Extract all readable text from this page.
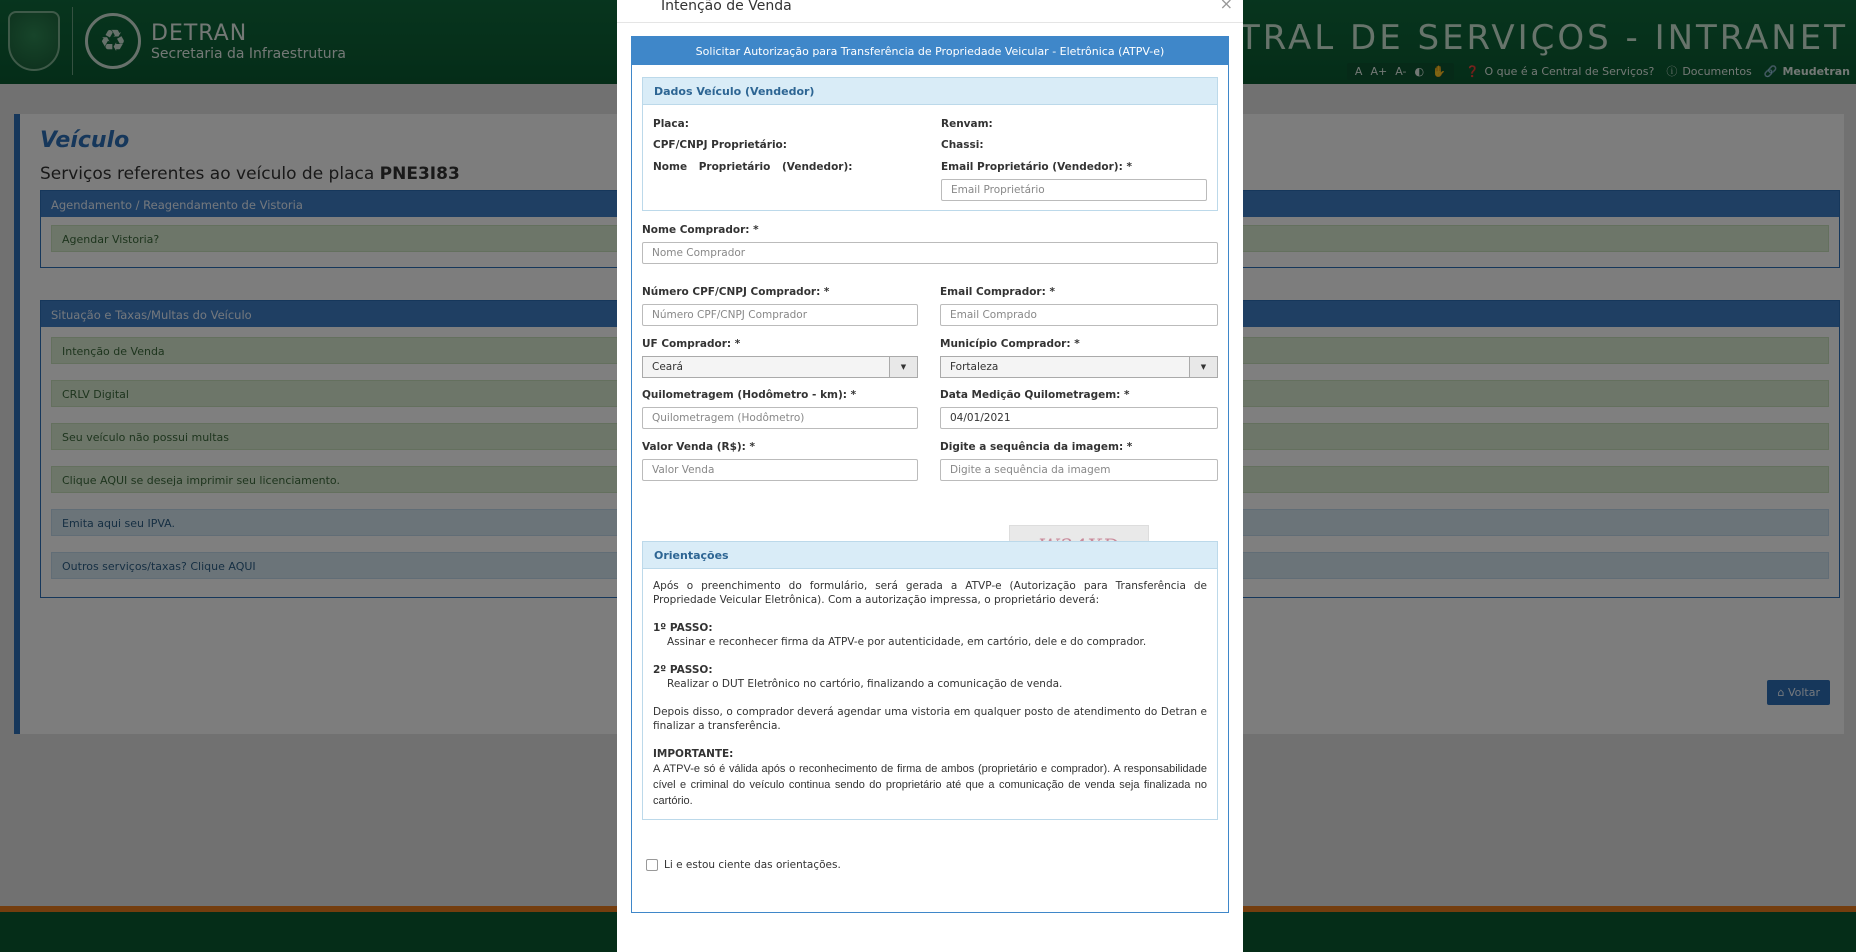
Intenção de Venda	×
Solicitar Autorização para Transferência de Propriedade Veicular - Eletrônica (ATPV-e)
Dados Veículo (Vendedor)
Placa:	Renvam:
CPF/CNPJ Proprietário:	Chassi:
Nome Proprietário (Vendedor):	Email Proprietário (Vendedor): *
Email Proprietário
Nome Comprador: *
Nome Comprador
Número CPF/CNPJ Comprador: *
Número CPF/CNPJ Comprador
Email Comprador: *
Email Comprado
UF Comprador: *
Ceará	▼
Município Comprador: *
Fortaleza	▼
Quilometragem (Hodômetro - km): *
Quilometragem (Hodômetro)
Data Medição Quilometragem: *
04/01/2021
Valor Venda (R$): *
Valor Venda
Digite a sequência da imagem: *
Digite a sequência da imagem
Orientações

Após o preenchimento do formulário, será gerada a ATVP-e (Autorização para Transferência de Propriedade Veicular Eletrônica). Com a autorização impressa, o proprietário deverá:

1º PASSO:

Assinar e reconhecer firma da ATPV-e por autenticidade, em cartório, dele e do comprador.

2º PASSO:

Realizar o DUT Eletrônico no cartório, finalizando a comunicação de venda.

Depois disso, o comprador deverá agendar uma vistoria em qualquer posto de atendimento do Detran e finalizar a transferência.

IMPORTANTE:
A ATPV-e só é válida após o reconhecimento de firma de ambos (proprietário e comprador). A responsabilidade cível e criminal do veículo continua sendo do proprietário até que a comunicação de venda seja finalizada no cartório.
Li e estou ciente das orientações.
